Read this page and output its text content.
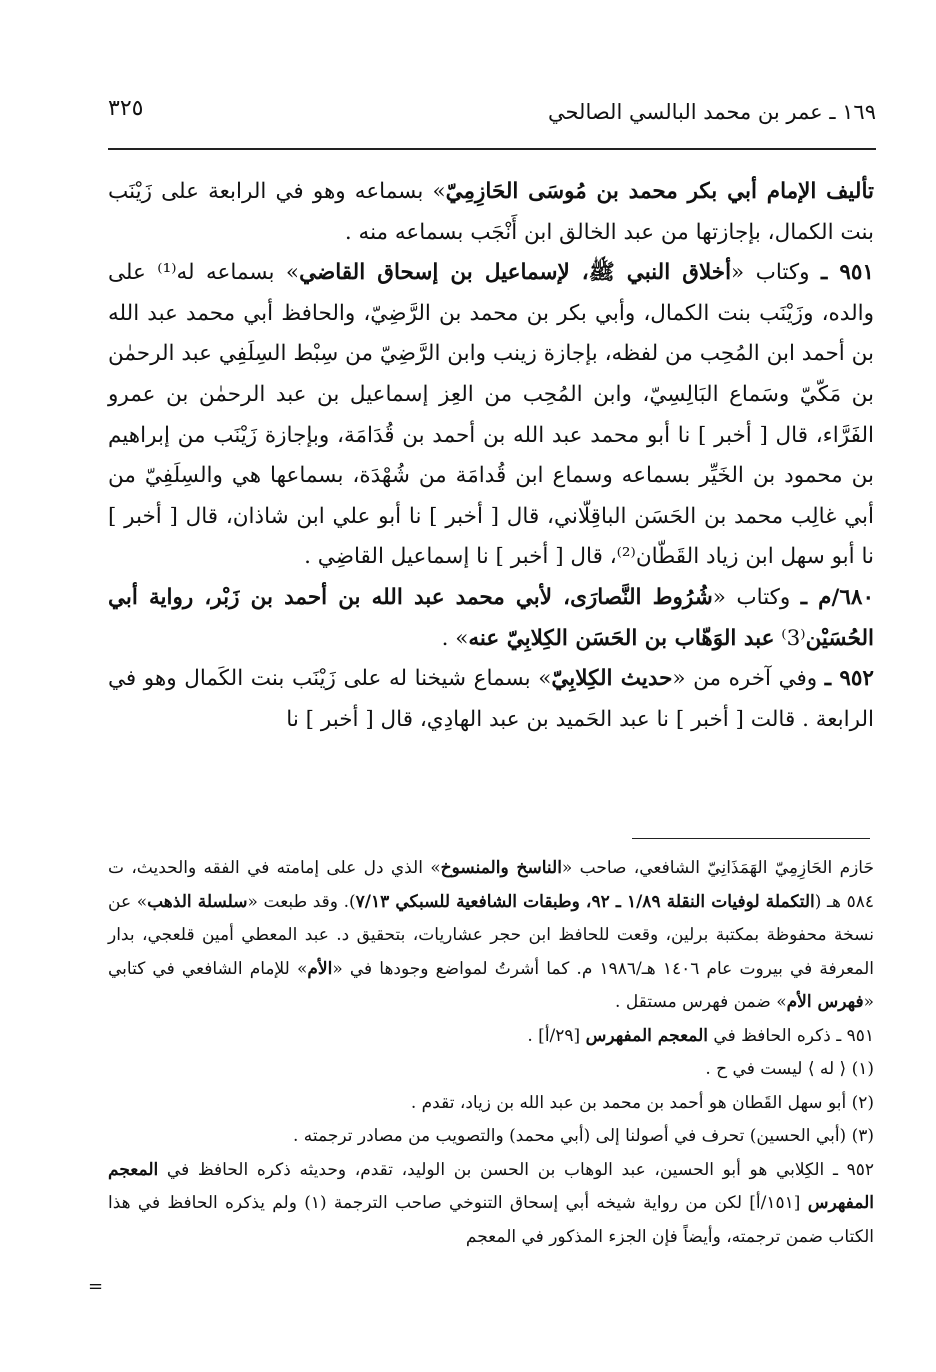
١٦٩ ـ عمر بن محمد البالسي الصالحي
٣٢٥

تأليف الإمام أبي بكر محمد بن مُوسَى الحَازِمِيّ» بسماعه وهو في الرابعة على زَيْنَب بنت الكمال، بإجازتها من عبد الخالق ابن أَنْجَب بسماعه منه .

٩٥١ ـ وكتاب «أخلاق النبي ﷺ، لإسماعيل بن إسحاق القاضي» بسماعه له⁽¹⁾ على والده، وزَيْنَب بنت الكمال، وأبي بكر بن محمد بن الرَّضِيّ، والحافظ أبي محمد عبد الله بن أحمد ابن المُحِب من لفظه، بإجازة زينب وابن الرَّضِيّ من سِبْط السِلَفِي عبد الرحمٰن بن مَكّيّ وسَماع البَالِسِيّ، وابن المُحِب من العِز إسماعيل بن عبد الرحمٰن بن عمرو الفَرَّاء، قال [ أخبر ] نا أبو محمد عبد الله بن أحمد بن قُدَامَة، وبإجازة زَيْنَب من إبراهيم بن محمود بن الخَيِّر بسماعه وسماع ابن قُدامَة من شُهْدَة، بسماعها هي والسِلَفِيّ من أبي غالِب محمد بن الحَسَن الباقِلّاني، قال [ أخبر ] نا أبو علي ابن شاذان، قال [ أخبر ] نا أبو سهل ابن زياد القَطّان⁽²⁾، قال [ أخبر ] نا إسماعيل القاضِي .

٦٨٠/م ـ وكتاب «شُرُوط النَّصارَى، لأبي محمد عبد الله بن أحمد بن زَبْر، رواية أبي الحُسَيْن⁽3⁾ عبد الوَهّاب بن الحَسَن الكِلابِيّ عنه» .

٩٥٢ ـ وفي آخره من «حديث الكِلابِيّ» بسماع شيخنا له على زَيْنَب بنت الكَمال وهو في الرابعة . قالت [ أخبر ] نا عبد الحَميد بن عبد الهادِي، قال [ أخبر ] نا

حَازم الحَازِمِيّ الهَمَذَانِيّ الشافعي، صاحب «الناسخ والمنسوخ» الذي دل على إمامته في الفقه والحديث، ت ٥٨٤ هـ (التكملة لوفيات النقلة ١/٨٩ ـ ٩٢، وطبقات الشافعية للسبكي ٧/١٣). وقد طبعت «سلسلة الذهب» عن نسخة محفوظة بمكتبة برلين، وقعت للحافظ ابن حجر عشاريات، بتحقيق د. عبد المعطي أمين قلعجي، بدار المعرفة في بيروت عام ١٤٠٦ هـ/١٩٨٦ م. كما أشرتُ لمواضع وجودها في «الأم» للإمام الشافعي في كتابي «فهرس الأم» ضمن فهرس مستقل .

٩٥١ ـ ذكره الحافظ في المعجم المفهرس [٢٩/أ] .

(١) ⟨ له ⟩ ليست في ح .

(٢) أبو سهل القَطان هو أحمد بن محمد بن عبد الله بن زياد، تقدم .

(٣) (أبي الحسين) تحرف في أصولنا إلى (أبي محمد) والتصويب من مصادر ترجمته .

٩٥٢ ـ الكِلابي هو أبو الحسين، عبد الوهاب بن الحسن بن الوليد، تقدم، وحديثه ذكره الحافظ في المعجم المفهرس [١٥١/أ] لكن من رواية شيخه أبي إسحاق التنوخي صاحب الترجمة (١) ولم يذكره الحافظ في هذا الكتاب ضمن ترجمته، وأيضاً فإن الجزء المذكور في المعجم

=
